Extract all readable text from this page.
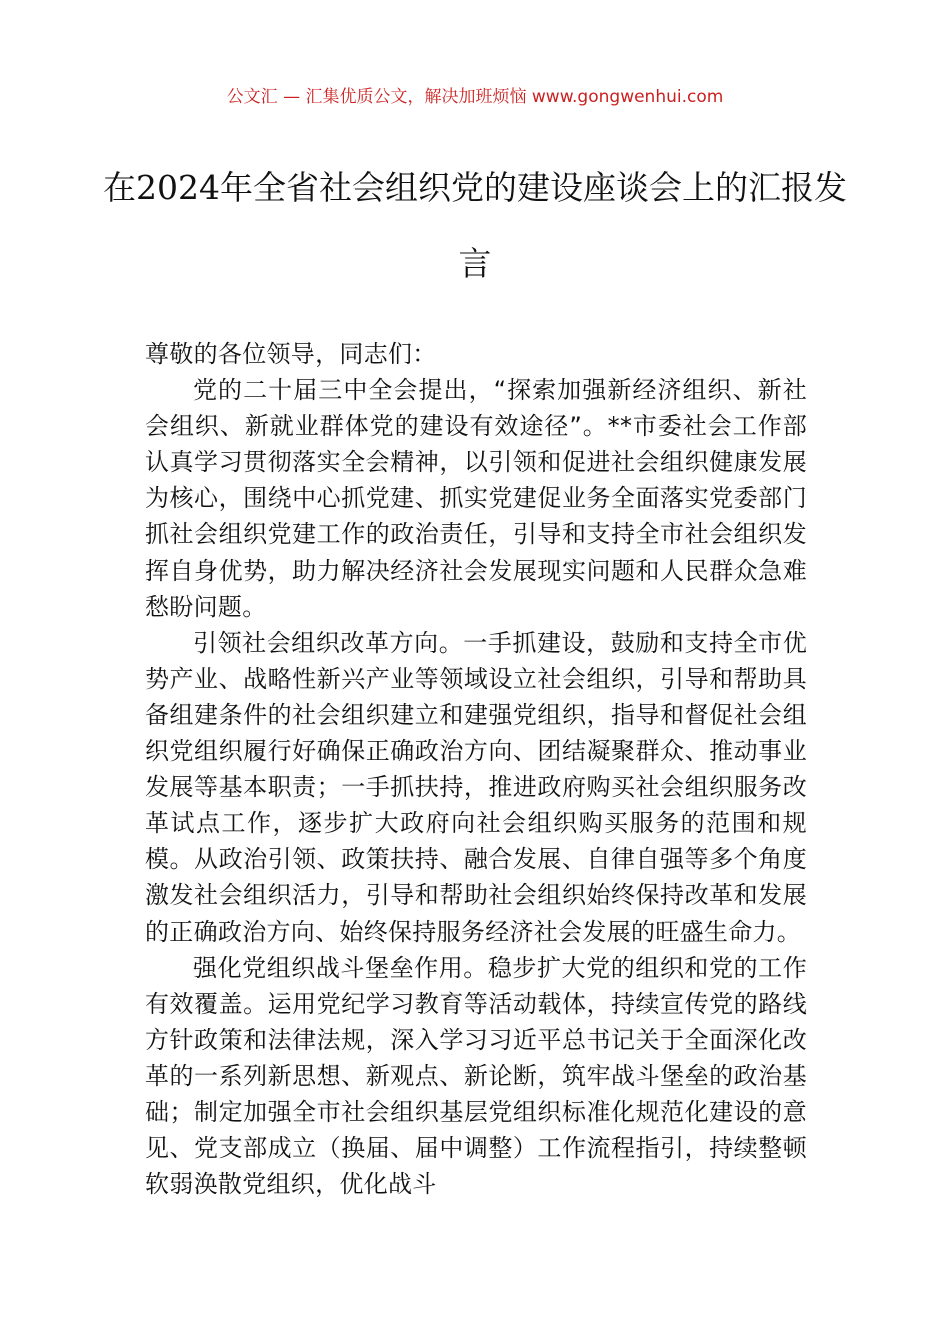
公文汇 — 汇集优质公文，解决加班烦恼 www.gongwenhui.com
在2024年全省社会组织党的建设座谈会上的汇报发言

尊敬的各位领导，同志们：

党的二十届三中全会提出，“探索加强新经济组织、新社会组织、新就业群体党的建设有效途径”。**市委社会工作部认真学习贯彻落实全会精神，以引领和促进社会组织健康发展为核心，围绕中心抓党建、抓实党建促业务全面落实党委部门抓社会组织党建工作的政治责任，引导和支持全市社会组织发挥自身优势，助力解决经济社会发展现实问题和人民群众急难愁盼问题。

引领社会组织改革方向。一手抓建设，鼓励和支持全市优势产业、战略性新兴产业等领域设立社会组织，引导和帮助具备组建条件的社会组织建立和建强党组织，指导和督促社会组织党组织履行好确保正确政治方向、团结凝聚群众、推动事业发展等基本职责；一手抓扶持，推进政府购买社会组织服务改革试点工作，逐步扩大政府向社会组织购买服务的范围和规模。从政治引领、政策扶持、融合发展、自律自强等多个角度激发社会组织活力，引导和帮助社会组织始终保持改革和发展的正确政治方向、始终保持服务经济社会发展的旺盛生命力。

强化党组织战斗堡垒作用。稳步扩大党的组织和党的工作有效覆盖。运用党纪学习教育等活动载体，持续宣传党的路线方针政策和法律法规，深入学习习近平总书记关于全面深化改革的一系列新思想、新观点、新论断，筑牢战斗堡垒的政治基础；制定加强全市社会组织基层党组织标准化规范化建设的意见、党支部成立（换届、届中调整）工作流程指引，持续整顿软弱涣散党组织，优化战斗
